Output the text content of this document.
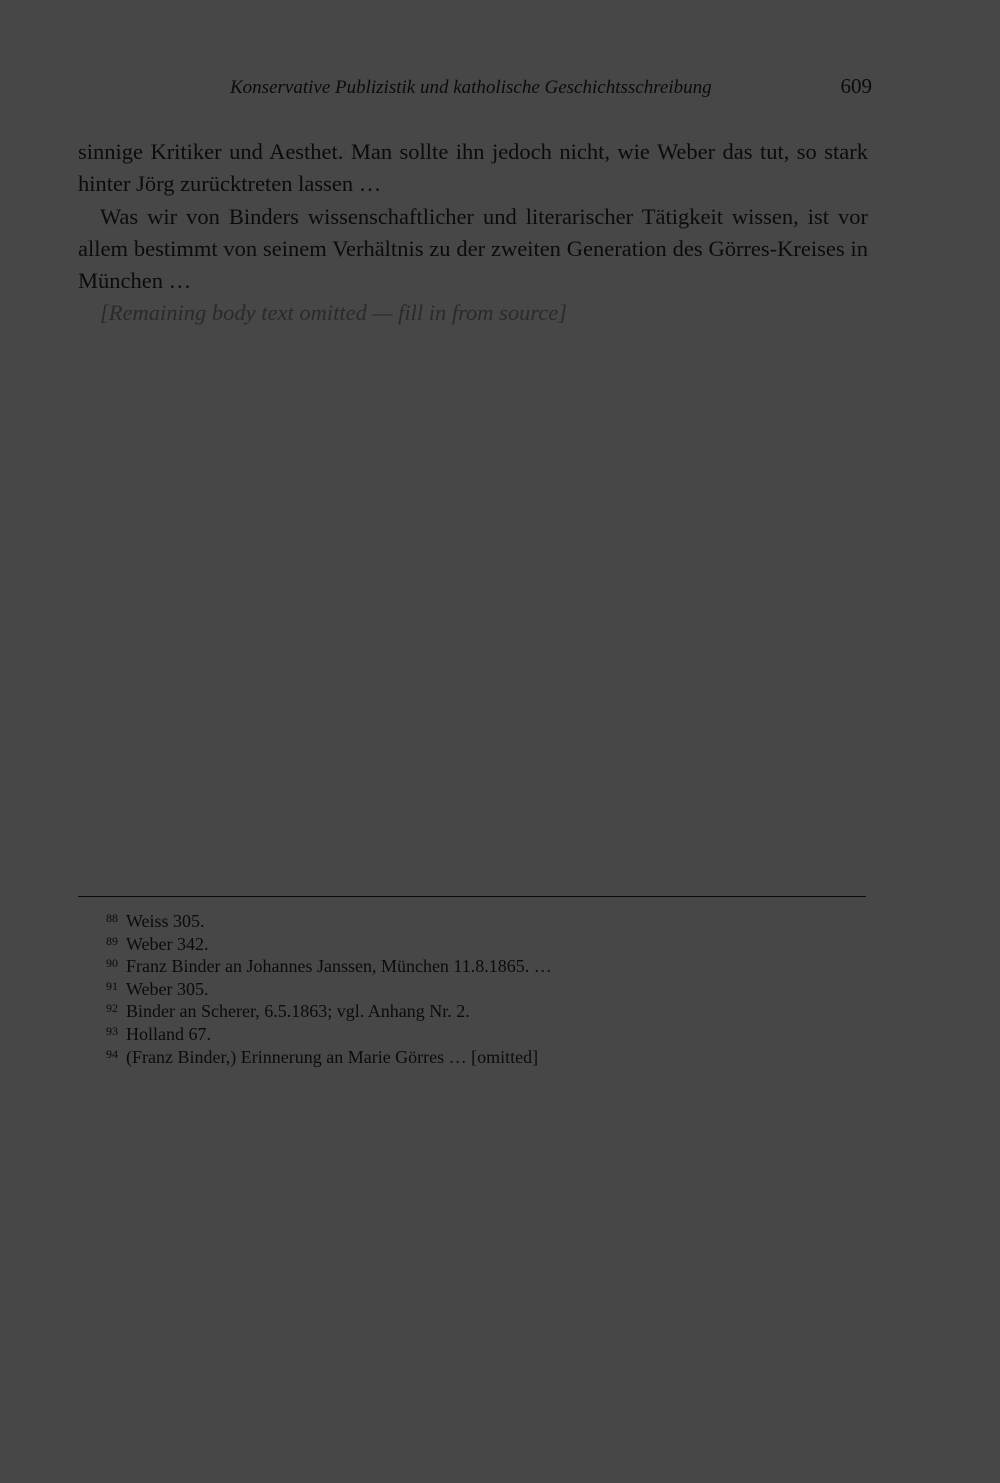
Konservative Publizistik und katholische Geschichtsschreibung	609

sinnige Kritiker und Aesthet. Man sollte ihn jedoch nicht, wie Weber das tut, so stark hinter Jörg zurücktreten lassen …

Was wir von Binders wissenschaftlicher und literarischer Tätigkeit wissen, ist vor allem bestimmt von seinem Verhältnis zu der zweiten Generation des Görres-Kreises in München …

[Remaining body text omitted — fill in from source]

88 Weiss 305.
89 Weber 342.
90 Franz Binder an Johannes Janssen, München 11.8.1865. …
91 Weber 305.
92 Binder an Scherer, 6.5.1863; vgl. Anhang Nr. 2.
93 Holland 67.
94 (Franz Binder,) Erinnerung an Marie Görres … [omitted]
